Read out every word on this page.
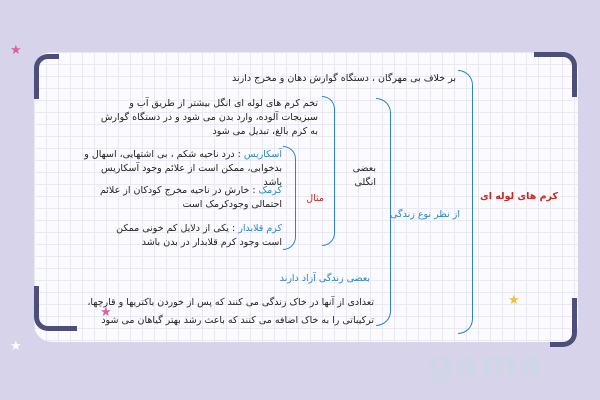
★
★
★
★
کرم های لوله ای
بر خلاف بی مهرگان ، دستگاه گوارش دهان و مخرج دارند
از نظر نوع زندگی
بعضی انگلی
تخم کرم های لوله ای انگل بیشتر از طریق آب و
سبزیجات آلوده، وارد بدن می شود و در دستگاه گوارش
به کرم بالغ، تبدیل می شود
مثال
آسکاریس : درد ناحیه شکم ، بی اشتهایی، اسهال و
بدخوابی، ممکن است از علائم وجود آسکاریس باشد
کرمک : خارش در ناحیه مخرج کودکان از علائم
احتمالی وجودکرمک است
کرم قلابدار : یکی از دلایل کم خونی ممکن
است وجود کرم قلابدار در بدن باشد
بعضی زندگی آزاد دارند
تعدادی از آنها در خاک زندگی می کنند که پس از خوردن باکتریها و قارچها،
ترکیباتی را به خاک اضافه می کنند که باعث رشد بهتر گیاهان می شود
gama
